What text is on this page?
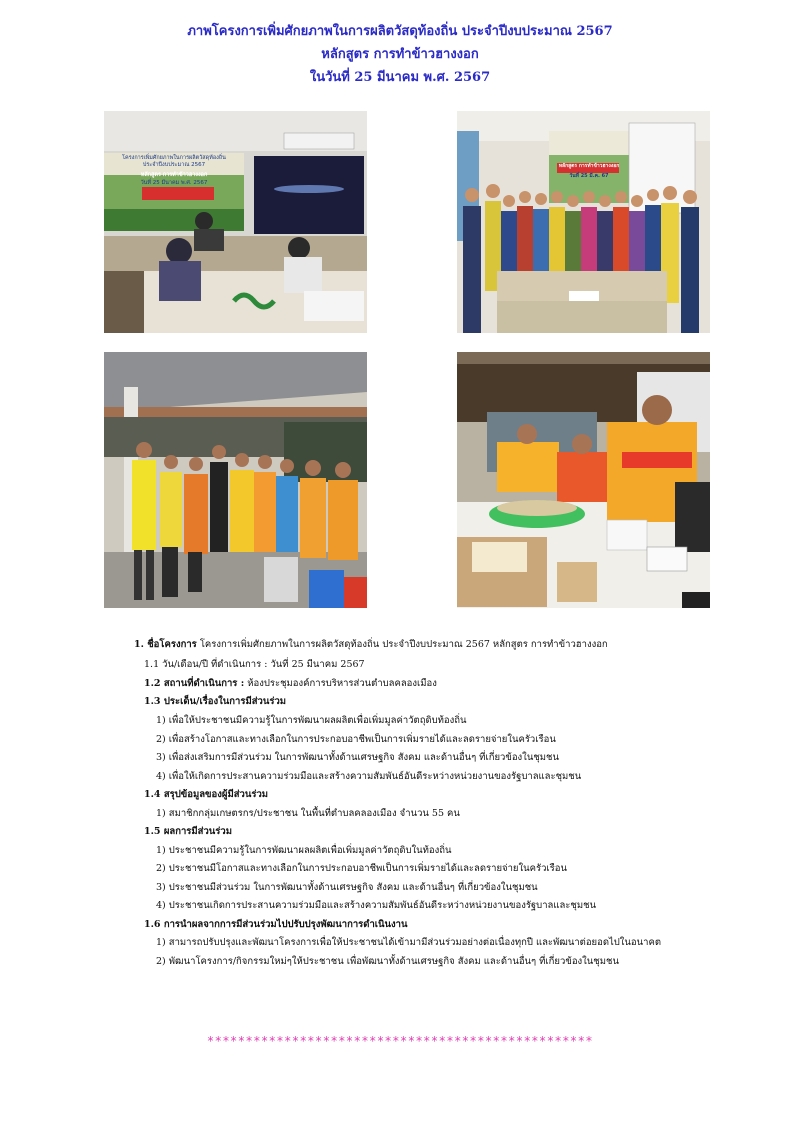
ภาพโครงการเพิ่มศักยภาพในการผลิตวัสดุท้องถิ่น ประจำปีงบประมาณ 2567
หลักสูตร การทำข้าวฮางงอก
ในวันที่ 25 มีนาคม พ.ศ. 2567
โครงการเพิ่มศักยภาพในการผลิตวัสดุท้องถิ่น
ประจำปีงบประมาณ 2567
หลักสูตร การทำข้าวฮางงอก
วันที่ 25 มีนาคม พ.ศ. 2567
หลักสูตร การทำข้าวฮางงอก
วันที่ 25 มี.ค. 67
1. ชื่อโครงการ โครงการเพิ่มศักยภาพในการผลิตวัสดุท้องถิ่น ประจำปีงบประมาณ 2567 หลักสูตร การทำข้าวฮางงอก
1.1 วัน/เดือน/ปี ที่ดำเนินการ : วันที่ 25 มีนาคม 2567
1.2 สถานที่ดำเนินการ : ห้องประชุมองค์การบริหารส่วนตำบลคลองเมือง
1.3 ประเด็น/เรื่องในการมีส่วนร่วม
1) เพื่อให้ประชาชนมีความรู้ในการพัฒนาผลผลิตเพื่อเพิ่มมูลค่าวัตถุดิบท้องถิ่น
2) เพื่อสร้างโอกาสและทางเลือกในการประกอบอาชีพเป็นการเพิ่มรายได้และลดรายจ่ายในครัวเรือน
3) เพื่อส่งเสริมการมีส่วนร่วม ในการพัฒนาทั้งด้านเศรษฐกิจ สังคม และด้านอื่นๆ ที่เกี่ยวข้องในชุมชน
4) เพื่อให้เกิดการประสานความร่วมมือและสร้างความสัมพันธ์อันดีระหว่างหน่วยงานของรัฐบาลและชุมชน
1.4 สรุปข้อมูลของผู้มีส่วนร่วม
1) สมาชิกกลุ่มเกษตรกร/ประชาชน ในพื้นที่ตำบลคลองเมือง จำนวน 55 คน
1.5 ผลการมีส่วนร่วม
1) ประชาชนมีความรู้ในการพัฒนาผลผลิตเพื่อเพิ่มมูลค่าวัตถุดิบในท้องถิ่น
2) ประชาชนมีโอกาสและทางเลือกในการประกอบอาชีพเป็นการเพิ่มรายได้และลดรายจ่ายในครัวเรือน
3) ประชาชนมีส่วนร่วม ในการพัฒนาทั้งด้านเศรษฐกิจ สังคม และด้านอื่นๆ ที่เกี่ยวข้องในชุมชน
4) ประชาชนเกิดการประสานความร่วมมือและสร้างความสัมพันธ์อันดีระหว่างหน่วยงานของรัฐบาลและชุมชน
1.6 การนำผลจากการมีส่วนร่วมไปปรับปรุงพัฒนาการดำเนินงาน
1) สามารถปรับปรุงและพัฒนาโครงการเพื่อให้ประชาชนได้เข้ามามีส่วนร่วมอย่างต่อเนื่องทุกปี และพัฒนาต่อยอดไปในอนาคต
2) พัฒนาโครงการ/กิจกรรมใหม่ๆให้ประชาชน เพื่อพัฒนาทั้งด้านเศรษฐกิจ สังคม และด้านอื่นๆ ที่เกี่ยวข้องในชุมชน
**************************************************
